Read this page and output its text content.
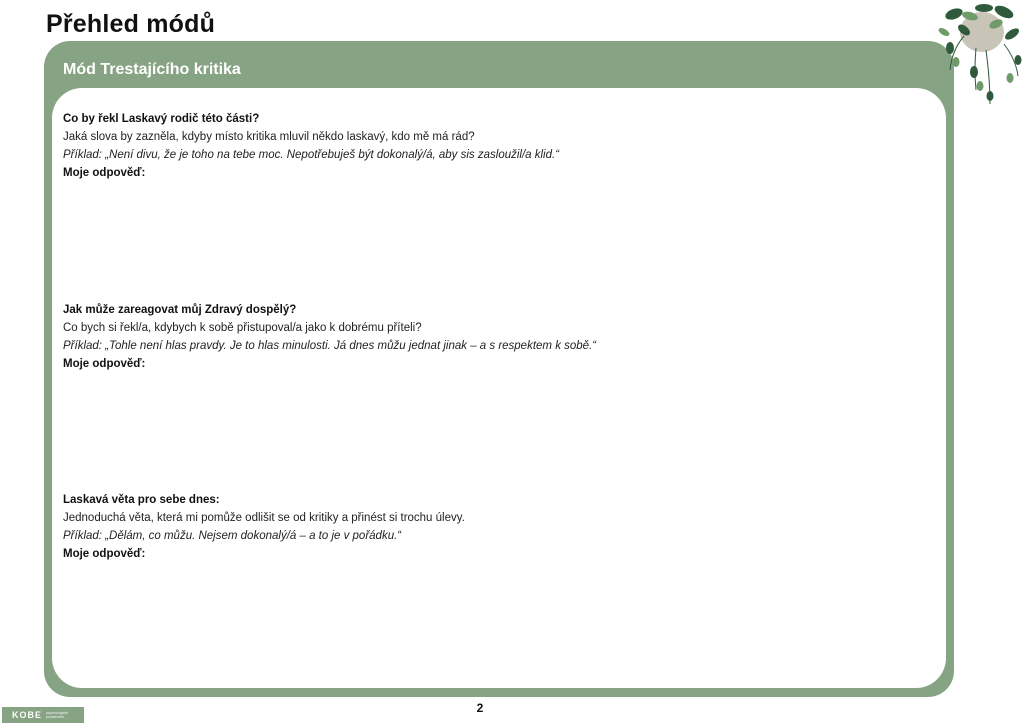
Přehled módů
Mód Trestajícího kritika
Co by řekl Laskavý rodič této části?
Jaká slova by zazněla, kdyby místo kritika mluvil někdo laskavý, kdo mě má rád?
Příklad: „Není divu, že je toho na tebe moc. Nepotřebuješ být dokonalý/á, aby sis zasloužil/a klid.“
Moje odpověď:
Jak může zareagovat můj Zdravý dospělý?
Co bych si řekl/a, kdybych k sobě přistupoval/a jako k dobrému příteli?
Příklad: „Tohle není hlas pravdy. Je to hlas minulosti. Já dnes můžu jednat jinak – a s respektem k sobě.“
Moje odpověď:
Laskavá věta pro sebe dnes:
Jednoduchá věta, která mi pomůže odlišit se od kritiky a přinést si trochu úlevy.
Příklad: „Dělám, co můžu. Nejsem dokonalý/á – a to je v pořádku.“
Moje odpověď:
2
KOBE psychologické
poradenství
